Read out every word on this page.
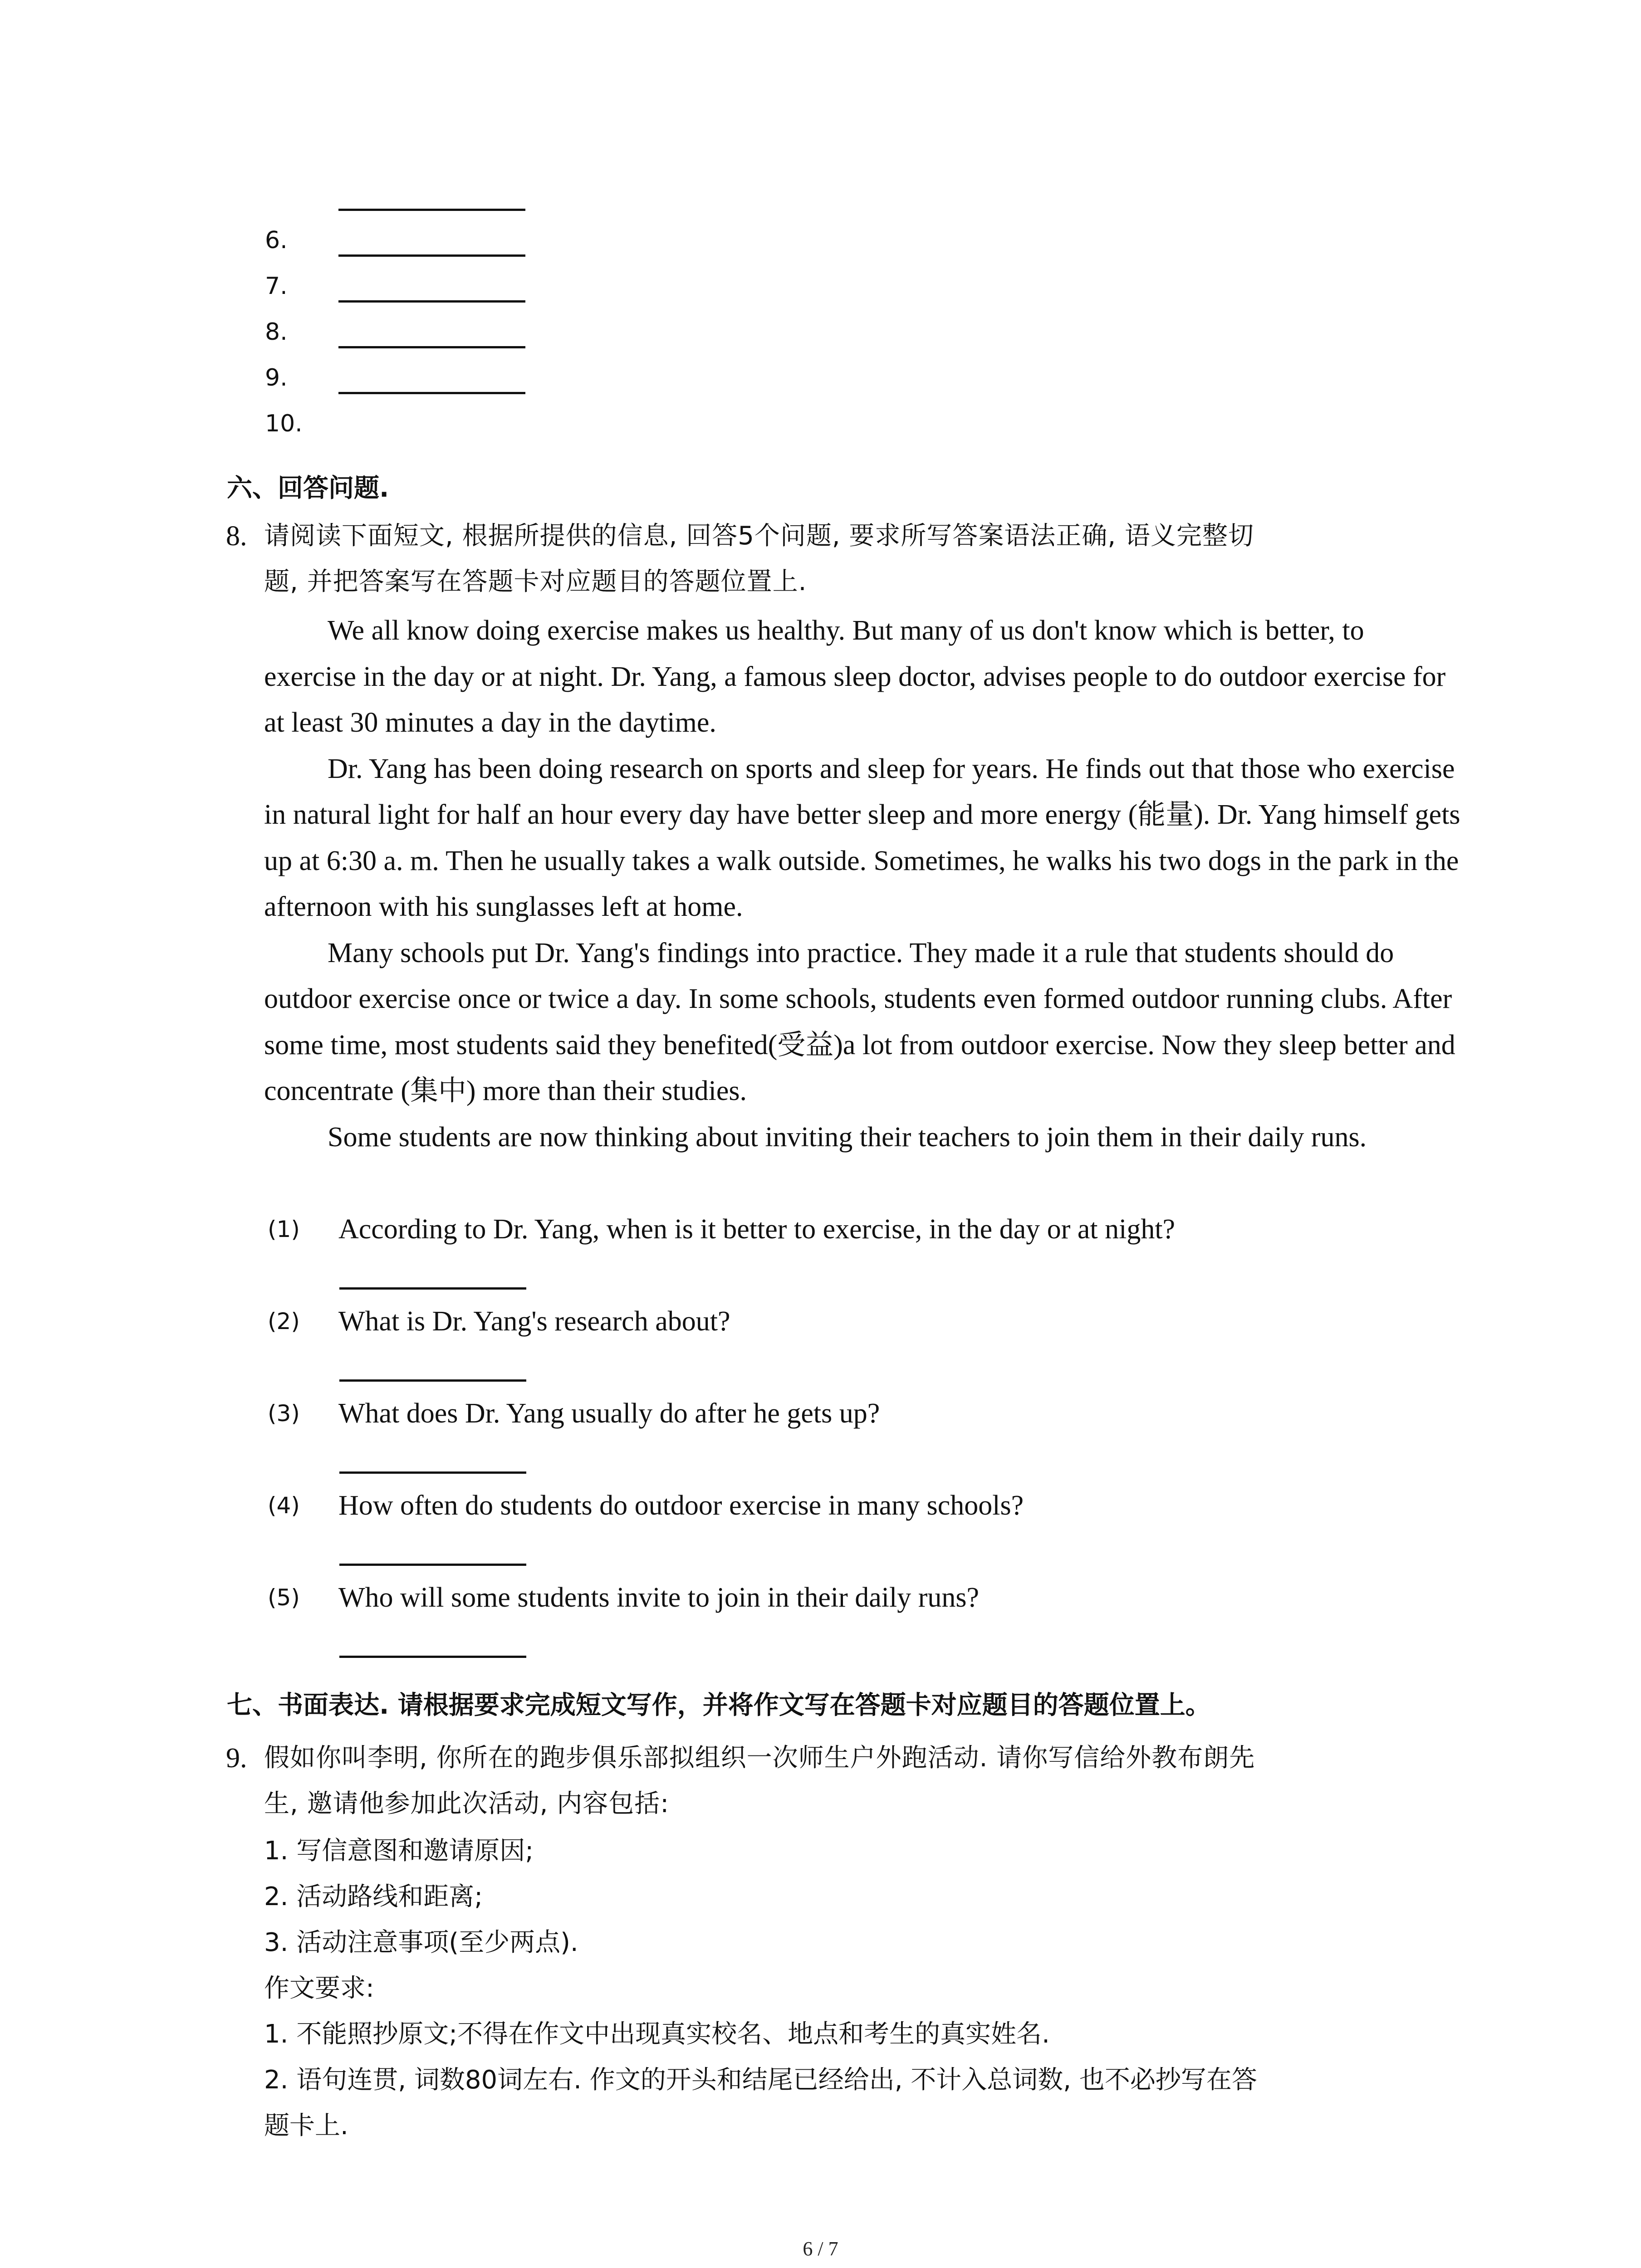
6.
7.
8.
9.
10.
六、回答问题.
8. 请阅读下面短文, 根据所提供的信息, 回答5个问题, 要求所写答案语法正确, 语义完整切
题, 并把答案写在答题卡对应题目的答题位置上.

We all know doing exercise makes us healthy. But many of us don't know which is better, to exercise in the day or at night. Dr. Yang, a famous sleep doctor, advises people to do outdoor exercise for at least 30 minutes a day in the daytime.

Dr. Yang has been doing research on sports and sleep for years. He finds out that those who exercise in natural light for half an hour every day have better sleep and more energy (能量). Dr. Yang himself gets up at 6:30 a. m. Then he usually takes a walk outside. Sometimes, he walks his two dogs in the park in the afternoon with his sunglasses left at home.

Many schools put Dr. Yang's findings into practice. They made it a rule that students should do outdoor exercise once or twice a day. In some schools, students even formed outdoor running clubs. After some time, most students said they benefited(受益)a lot from outdoor exercise. Now they sleep better and concentrate (集中) more than their studies.

Some students are now thinking about inviting their teachers to join them in their daily runs.

(1) According to Dr. Yang, when is it better to exercise, in the day or at night?
(2) What is Dr. Yang's research about?
(3) What does Dr. Yang usually do after he gets up?
(4) How often do students do outdoor exercise in many schools?
(5) Who will some students invite to join in their daily runs?
七、书面表达. 请根据要求完成短文写作，并将作文写在答题卡对应题目的答题位置上。
9. 假如你叫李明, 你所在的跑步俱乐部拟组织一次师生户外跑活动. 请你写信给外教布朗先
生, 邀请他参加此次活动, 内容包括:
1. 写信意图和邀请原因;
2. 活动路线和距离;
3. 活动注意事项(至少两点).
作文要求:
1. 不能照抄原文;不得在作文中出现真实校名、地点和考生的真实姓名.
2. 语句连贯, 词数80词左右. 作文的开头和结尾已经给出, 不计入总词数, 也不必抄写在答
题卡上.
6 / 7
